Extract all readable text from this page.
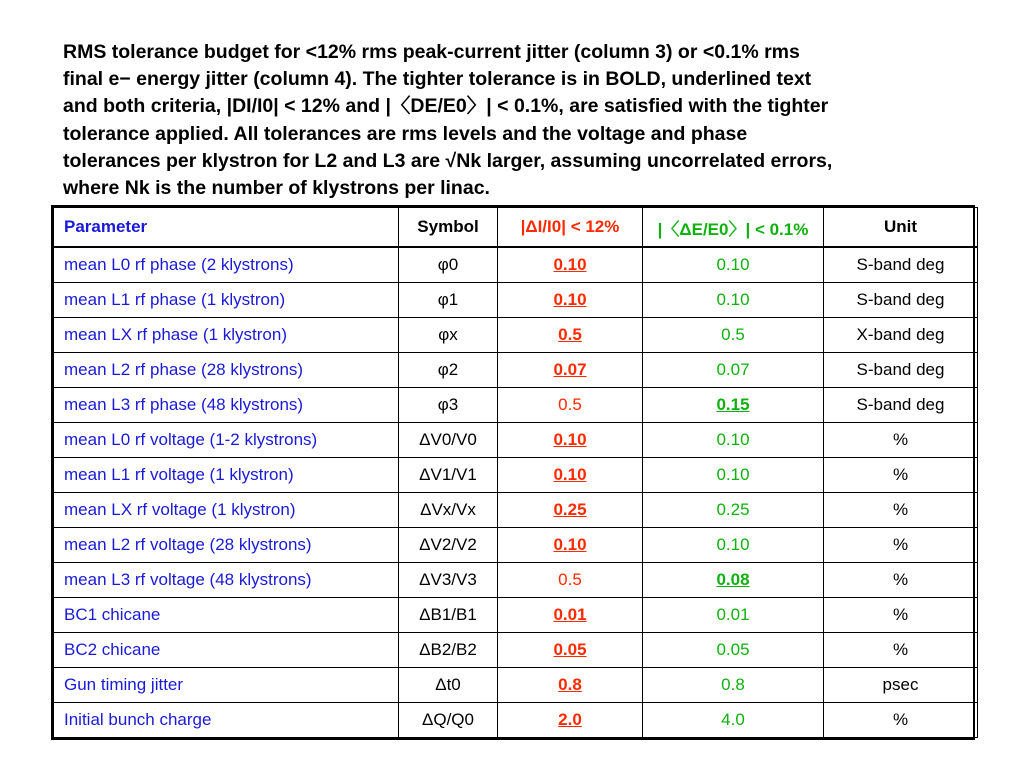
RMS tolerance budget for <12% rms peak-current jitter (column 3) or <0.1% rms
final e− energy jitter (column 4). The tighter tolerance is in BOLD, underlined text
and both criteria, |DI/I0| < 12% and |〈DE/E0〉| < 0.1%, are satisfied with the tighter
tolerance applied. All tolerances are rms levels and the voltage and phase
tolerances per klystron for L2 and L3 are √Nk larger, assuming uncorrelated errors,
where Nk is the number of klystrons per linac.
Parameter	Symbol	|ΔI/I0| < 12%	|〈ΔE/E0〉| < 0.1%	Unit
mean L0 rf phase (2 klystrons)	φ0	0.10	0.10	S-band deg
mean L1 rf phase (1 klystron)	φ1	0.10	0.10	S-band deg
mean LX rf phase (1 klystron)	φx	0.5	0.5	X-band deg
mean L2 rf phase (28 klystrons)	φ2	0.07	0.07	S-band deg
mean L3 rf phase (48 klystrons)	φ3	0.5	0.15	S-band deg
mean L0 rf voltage (1-2 klystrons)	ΔV0/V0	0.10	0.10	%
mean L1 rf voltage (1 klystron)	ΔV1/V1	0.10	0.10	%
mean LX rf voltage (1 klystron)	ΔVx/Vx	0.25	0.25	%
mean L2 rf voltage (28 klystrons)	ΔV2/V2	0.10	0.10	%
mean L3 rf voltage (48 klystrons)	ΔV3/V3	0.5	0.08	%
BC1 chicane	ΔB1/B1	0.01	0.01	%
BC2 chicane	ΔB2/B2	0.05	0.05	%
Gun timing jitter	Δt0	0.8	0.8	psec
Initial bunch charge	ΔQ/Q0	2.0	4.0	%
